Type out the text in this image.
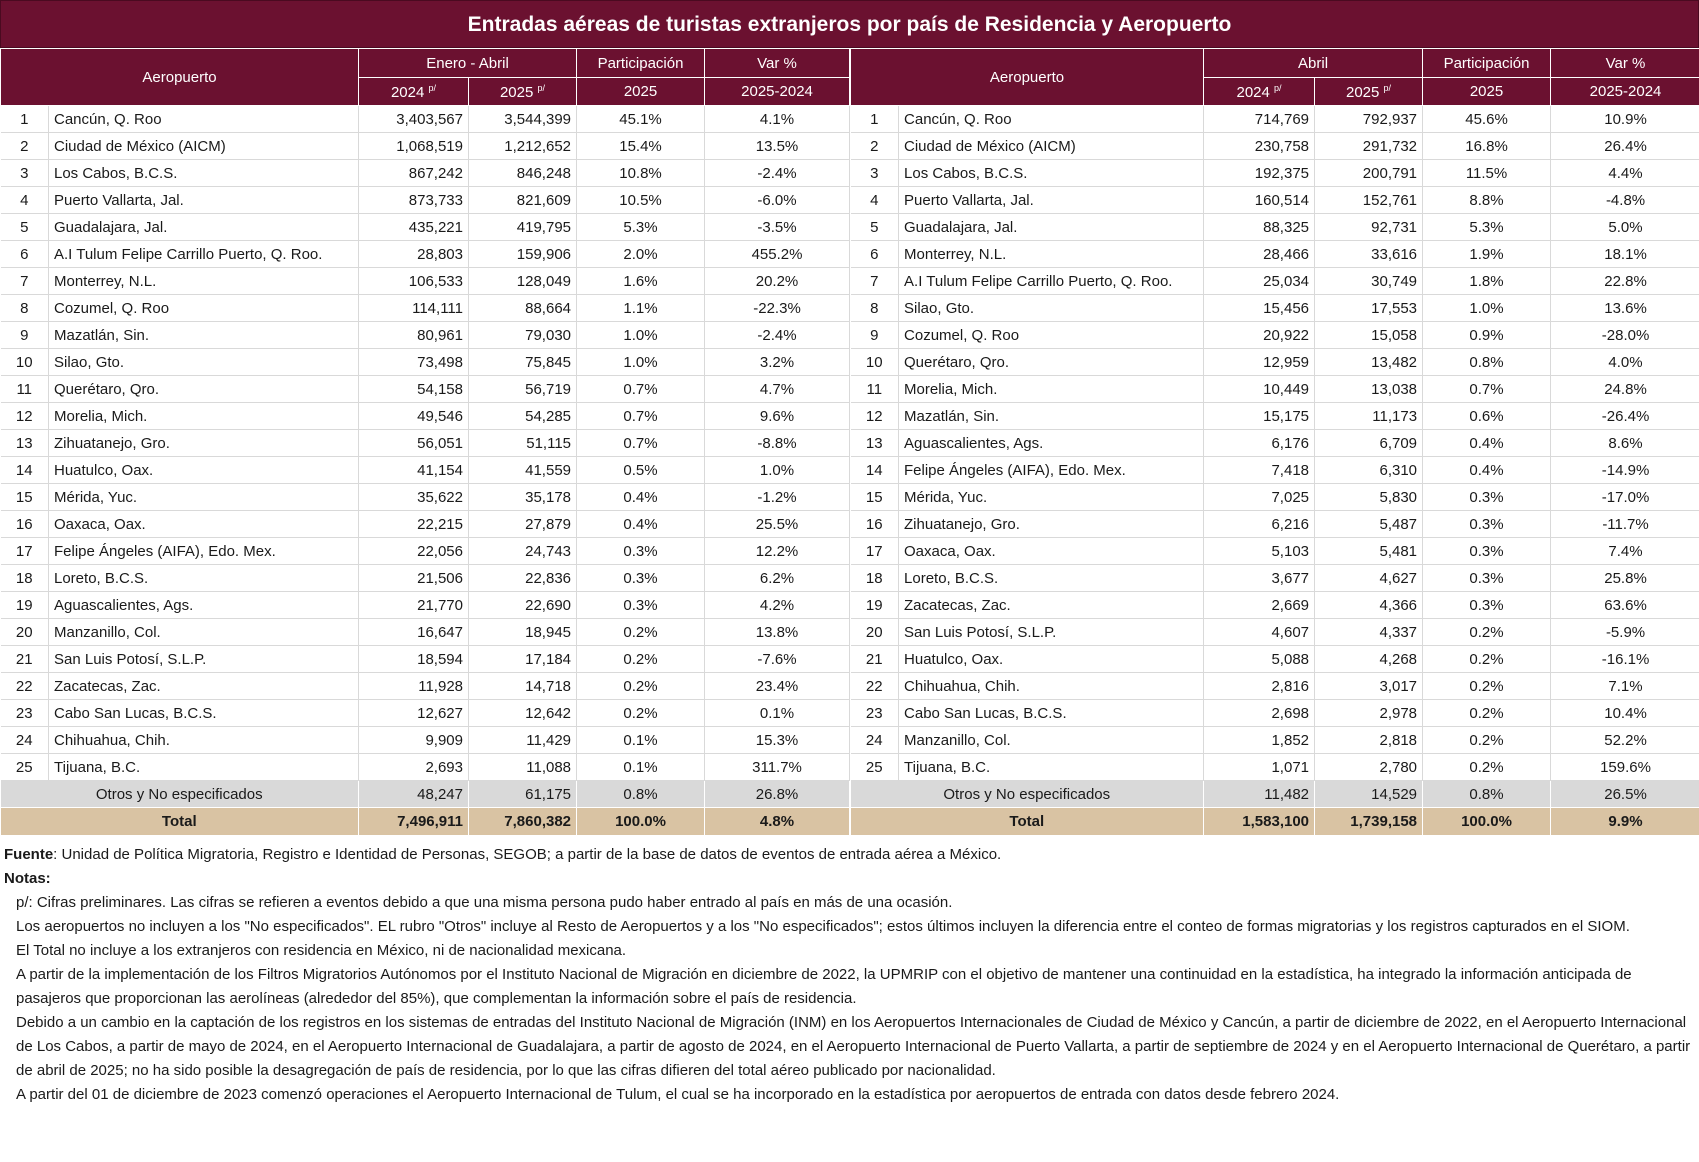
Entradas aéreas de turistas extranjeros por país de Residencia y Aeropuerto
Aeropuerto		Enero - Abril		Participación	Var %
		2024 $^{p/}$	2025 $^{p/}$	2025	2025-2024
1	Cancún, Q. Roo	3,403,567	3,544,399	45.1%	4.1%
2	Ciudad de México (AICM)	1,068,519	1,212,652	15.4%	13.5%
3	Los Cabos, B.C.S.	867,242	846,248	10.8%	-2.4%
4	Puerto Vallarta, Jal.	873,733	821,609	10.5%	-6.0%
5	Guadalajara, Jal.	435,221	419,795	5.3%	-3.5%
6	A.I Tulum Felipe Carrillo Puerto, Q. Roo.	28,803	159,906	2.0%	455.2%
7	Monterrey, N.L.	106,533	128,049	1.6%	20.2%
8	Cozumel, Q. Roo	114,111	88,664	1.1%	-22.3%
9	Mazatlán, Sin.	80,961	79,030	1.0%	-2.4%
10	Silao, Gto.	73,498	75,845	1.0%	3.2%
11	Querétaro, Qro.	54,158	56,719	0.7%	4.7%
12	Morelia, Mich.	49,546	54,285	0.7%	9.6%
13	Zihuatanejo, Gro.	56,051	51,115	0.7%	-8.8%
14	Huatulco, Oax.	41,154	41,559	0.5%	1.0%
15	Mérida, Yuc.	35,622	35,178	0.4%	-1.2%
16	Oaxaca, Oax.	22,215	27,879	0.4%	25.5%
17	Felipe Ángeles (AIFA), Edo. Mex.	22,056	24,743	0.3%	12.2%
18	Loreto, B.C.S.	21,506	22,836	0.3%	6.2%
19	Aguascalientes, Ags.	21,770	22,690	0.3%	4.2%
20	Manzanillo, Col.	16,647	18,945	0.2%	13.8%
21	San Luis Potosí, S.L.P.	18,594	17,184	0.2%	-7.6%
22	Zacatecas, Zac.	11,928	14,718	0.2%	23.4%
23	Cabo San Lucas, B.C.S.	12,627	12,642	0.2%	0.1%
24	Chihuahua, Chih.	9,909	11,429	0.1%	15.3%
25	Tijuana, B.C.	2,693	11,088	0.1%	311.7%
Otros y No especificados		48,247	61,175	0.8%	26.8%
Total		7,496,911	7,860,382	100.0%	4.8%
Aeropuerto		Abril		Participación	Var %
		2024 $^{p/}$	2025 $^{p/}$	2025	2025-2024
1	Cancún, Q. Roo	714,769	792,937	45.6%	10.9%
2	Ciudad de México (AICM)	230,758	291,732	16.8%	26.4%
3	Los Cabos, B.C.S.	192,375	200,791	11.5%	4.4%
4	Puerto Vallarta, Jal.	160,514	152,761	8.8%	-4.8%
5	Guadalajara, Jal.	88,325	92,731	5.3%	5.0%
6	Monterrey, N.L.	28,466	33,616	1.9%	18.1%
7	A.I Tulum Felipe Carrillo Puerto, Q. Roo.	25,034	30,749	1.8%	22.8%
8	Silao, Gto.	15,456	17,553	1.0%	13.6%
9	Cozumel, Q. Roo	20,922	15,058	0.9%	-28.0%
10	Querétaro, Qro.	12,959	13,482	0.8%	4.0%
11	Morelia, Mich.	10,449	13,038	0.7%	24.8%
12	Mazatlán, Sin.	15,175	11,173	0.6%	-26.4%
13	Aguascalientes, Ags.	6,176	6,709	0.4%	8.6%
14	Felipe Ángeles (AIFA), Edo. Mex.	7,418	6,310	0.4%	-14.9%
15	Mérida, Yuc.	7,025	5,830	0.3%	-17.0%
16	Zihuatanejo, Gro.	6,216	5,487	0.3%	-11.7%
17	Oaxaca, Oax.	5,103	5,481	0.3%	7.4%
18	Loreto, B.C.S.	3,677	4,627	0.3%	25.8%
19	Zacatecas, Zac.	2,669	4,366	0.3%	63.6%
20	San Luis Potosí, S.L.P.	4,607	4,337	0.2%	-5.9%
21	Huatulco, Oax.	5,088	4,268	0.2%	-16.1%
22	Chihuahua, Chih.	2,816	3,017	0.2%	7.1%
23	Cabo San Lucas, B.C.S.	2,698	2,978	0.2%	10.4%
24	Manzanillo, Col.	1,852	2,818	0.2%	52.2%
25	Tijuana, B.C.	1,071	2,780	0.2%	159.6%
Otros y No especificados		11,482	14,529	0.8%	26.5%
Total		1,583,100	1,739,158	100.0%	9.9%

Fuente: Unidad de Política Migratoria, Registro e Identidad de Personas, SEGOB; a partir de la base de datos de eventos de entrada aérea a México.

Notas:

p/: Cifras preliminares. Las cifras se refieren a eventos debido a que una misma persona pudo haber entrado al país en más de una ocasión.

Los aeropuertos no incluyen a los "No especificados". EL rubro "Otros" incluye al Resto de Aeropuertos y a los "No especificados"; estos últimos incluyen la diferencia entre el conteo de formas migratorias y los registros capturados en el SIOM.

El Total no incluye a los extranjeros con residencia en México, ni de nacionalidad mexicana.

A partir de la implementación de los Filtros Migratorios Autónomos por el Instituto Nacional de Migración en diciembre de 2022, la UPMRIP con el objetivo de mantener una continuidad en la estadística, ha integrado la información anticipada de pasajeros que proporcionan las aerolíneas (alrededor del 85%), que complementan la información sobre el país de residencia.

Debido a un cambio en la captación de los registros en los sistemas de entradas del Instituto Nacional de Migración (INM) en los Aeropuertos Internacionales de Ciudad de México y Cancún, a partir de diciembre de 2022, en el Aeropuerto Internacional de Los Cabos, a partir de mayo de 2024, en el Aeropuerto Internacional de Guadalajara, a partir de agosto de 2024, en el Aeropuerto Internacional de Puerto Vallarta, a partir de septiembre de 2024 y en el Aeropuerto Internacional de Querétaro, a partir de abril de 2025; no ha sido posible la desagregación de país de residencia, por lo que las cifras difieren del total aéreo publicado por nacionalidad.

A partir del 01 de diciembre de 2023 comenzó operaciones el Aeropuerto Internacional de Tulum, el cual se ha incorporado en la estadística por aeropuertos de entrada con datos desde febrero 2024.
